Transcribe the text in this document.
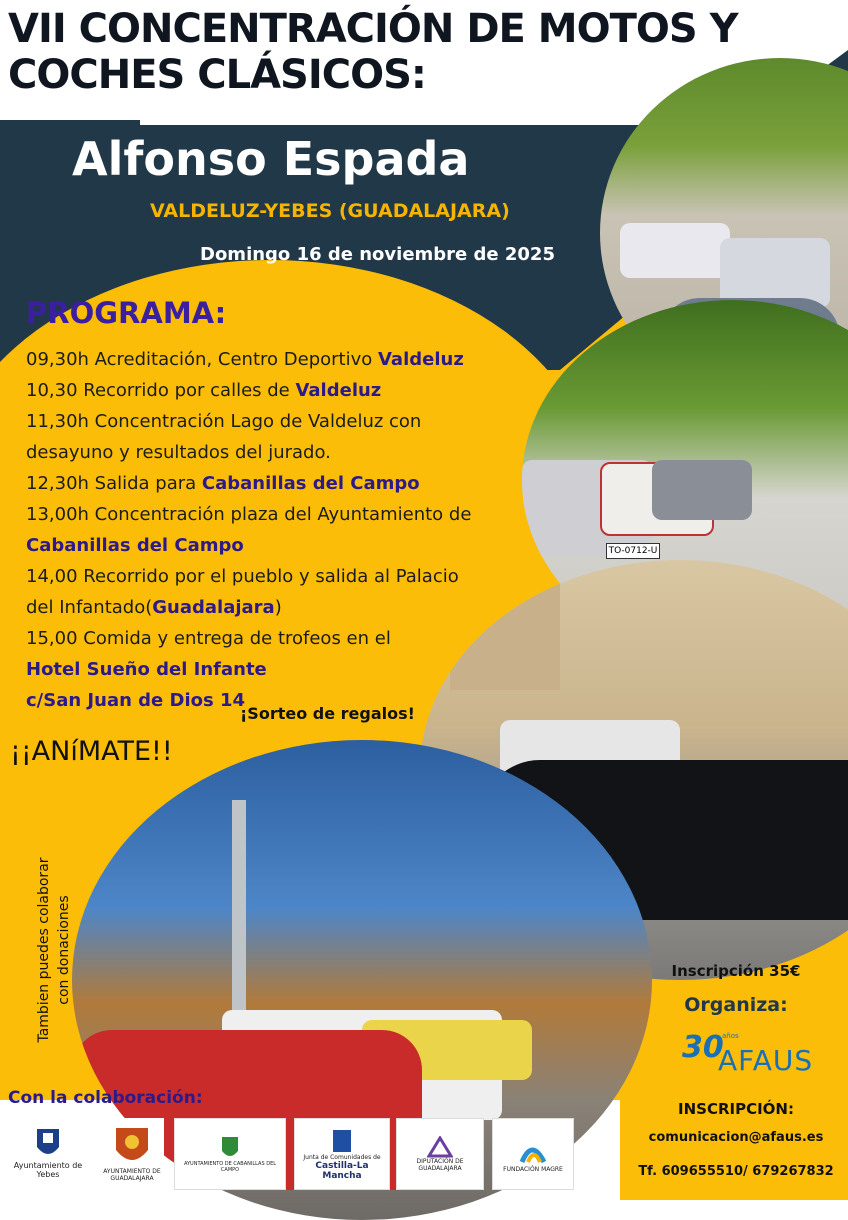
VII CONCENTRACIÓN DE MOTOS Y
COCHES CLÁSICOS:
Alfonso Espada
VALDELUZ-YEBES (GUADALAJARA)
Domingo 16 de noviembre de 2025
TO-0712-U
PROGRAMA:
09,30h Acreditación, Centro Deportivo Valdeluz
10,30 Recorrido por calles de Valdeluz
11,30h Concentración Lago de Valdeluz con
desayuno y resultados del jurado.
12,30h Salida para Cabanillas del Campo
13,00h Concentración plaza del Ayuntamiento de
Cabanillas del Campo
14,00 Recorrido por el pueblo y salida al Palacio
del Infantado(Guadalajara)
15,00 Comida y entrega de trofeos en el
Hotel Sueño del Infante
c/San Juan de Dios 14
¡Sorteo de regalos!
¡¡ANíMATE!!
Tambien puedes colaborar con donaciones	Inscripción 35€
Organiza:
30
años
AFAUS
INSCRIPCIÓN:
comunicacion@afaus.es
Tf. 609655510/ 679267832
Con la colaboración:
Ayuntamiento de Yebes	AYUNTAMIENTO DE GUADALAJARA
AYUNTAMIENTO DE CABANILLAS DEL CAMPO
Junta de Comunidades de
Castilla-La Mancha
DIPUTACIÓN DE
GUADALAJARA	FUNDACIÓN MAGRE
